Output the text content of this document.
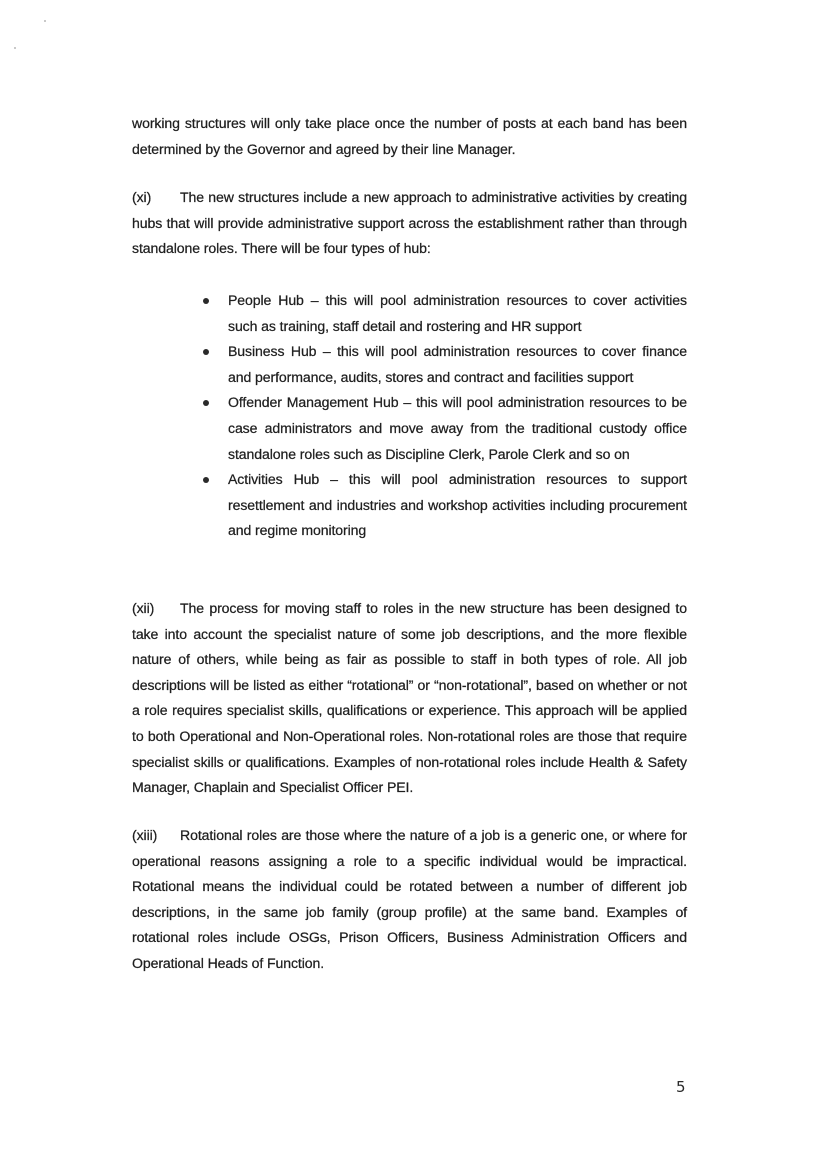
working structures will only take place once the number of posts at each band has been determined by the Governor and agreed by their line Manager.
(xi) The new structures include a new approach to administrative activities by creating hubs that will provide administrative support across the establishment rather than through standalone roles. There will be four types of hub:
People Hub – this will pool administration resources to cover activities such as training, staff detail and rostering and HR support
Business Hub – this will pool administration resources to cover finance and performance, audits, stores and contract and facilities support
Offender Management Hub – this will pool administration resources to be case administrators and move away from the traditional custody office standalone roles such as Discipline Clerk, Parole Clerk and so on
Activities Hub – this will pool administration resources to support resettlement and industries and workshop activities including procurement and regime monitoring
(xii) The process for moving staff to roles in the new structure has been designed to take into account the specialist nature of some job descriptions, and the more flexible nature of others, while being as fair as possible to staff in both types of role. All job descriptions will be listed as either “rotational” or “non-rotational”, based on whether or not a role requires specialist skills, qualifications or experience. This approach will be applied to both Operational and Non-Operational roles. Non-rotational roles are those that require specialist skills or qualifications. Examples of non-rotational roles include Health & Safety Manager, Chaplain and Specialist Officer PEI.
(xiii) Rotational roles are those where the nature of a job is a generic one, or where for operational reasons assigning a role to a specific individual would be impractical. Rotational means the individual could be rotated between a number of different job descriptions, in the same job family (group profile) at the same band. Examples of rotational roles include OSGs, Prison Officers, Business Administration Officers and Operational Heads of Function.
5
